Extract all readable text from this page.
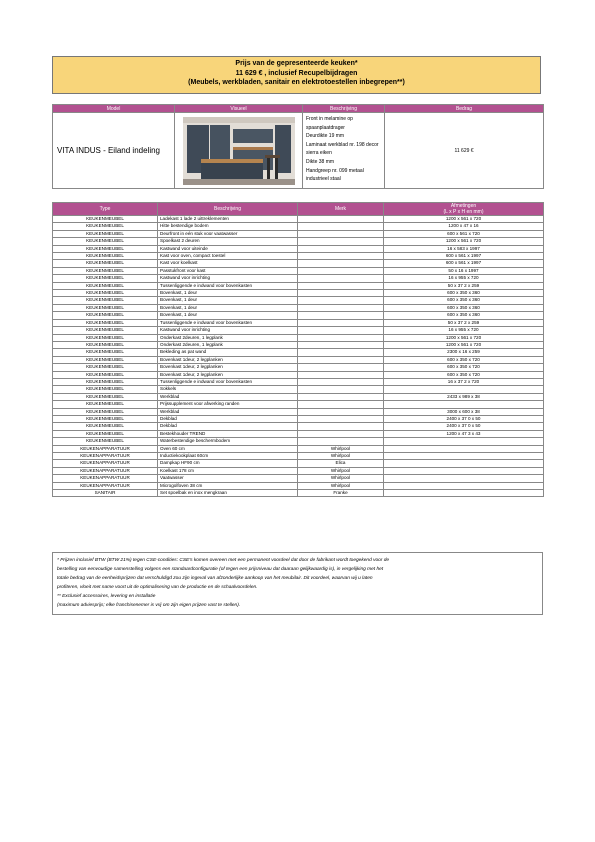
Prijs van de gepresenteerde keuken*
11 629 € , inclusief Recupelbijdragen
(Meubels, werkbladen, sanitair en elektrotoestellen inbegrepen**)
Model	Visueel	Beschrijving	Bedrag
VITA INDUS - Eiland indeling		Front in melamine op spaanplaatdrager
Deurdikte 19 mm
Laminaat werkblad nr. 198 decor sierra eiken
Dikte 38 mm
Handgreep nr. 099 metaal industrieel staal	11 629 €
Type	Beschrijving	Merk	Afmetingen
(L x P x H en mm)

KEUKENMEUBEL	Ladekast 1 lade 2 uittreklementen		1200 x 561 x 720
KEUKENMEUBEL	Hitte bestendige bodem		1200 x 47 x 16
KEUKENMEUBEL	Deurfront in eén stuk voor vaatwasser		600 x 561 x 720
KEUKENMEUBEL	Spoelkast 2 deuren		1200 x 561 x 720
KEUKENMEUBEL	Kastwand voor uiteinde		16 x 583 x 1997
KEUKENMEUBEL	Kast voor oven, compact toestel		600 x 561 x 1997
KEUKENMEUBEL	Kast voor koelkast		600 x 561 x 1997
KEUKENMEUBEL	Passtukfront voor kast		50 x 16 x 1997
KEUKENMEUBEL	Kastwand voor inrichting		16 x 955 x 720
KEUKENMEUBEL	Tussenliggende e indwand voor bovenkasten		50 x 37 2 x 259
KEUKENMEUBEL	Bovenkast, 1 deur		600 x 350 x 360
KEUKENMEUBEL	Bovenkast, 1 deur		600 x 350 x 360
KEUKENMEUBEL	Bovenkast, 1 deur		600 x 350 x 360
KEUKENMEUBEL	Bovenkast, 1 deur		600 x 350 x 360
KEUKENMEUBEL	Tussenliggende e indwand voor bovenkasten		50 x 37 2 x 259
KEUKENMEUBEL	Kastwand voor inrichting		16 x 955 x 720
KEUKENMEUBEL	Onderkast 2deuren, 1 legplank		1200 x 561 x 720
KEUKENMEUBEL	Onderkast 2deuren, 1 legplank		1200 x 561 x 720
KEUKENMEUBEL	Bekleding as pat wand		2300 x 16 x 259
KEUKENMEUBEL	Bovenkast 1deur, 2 legplanken		600 x 350 x 720
KEUKENMEUBEL	Bovenkast 1deur, 2 legplanken		600 x 350 x 720
KEUKENMEUBEL	Bovenkast 1deur, 2 legplanken		600 x 350 x 720
KEUKENMEUBEL	Tussenliggende e indwand voor bovenkasten		16 x 37 2 x 720
KEUKENMEUBEL	Sokkels		
KEUKENMEUBEL	Werkblad		2433 x 989 x 38
KEUKENMEUBEL	Prijssupplement voor afwerking randen		
KEUKENMEUBEL	Werkblad		3000 x 600 x 38
KEUKENMEUBEL	Dekblad		2400 x 37 0 x 50
KEUKENMEUBEL	Dekblad		2400 x 37 0 x 50
KEUKENMEUBEL	Bestekhouder TREND		1200 x 47 3 x 43
KEUKENMEUBEL	Waterbestendige beschermbodem		
KEUKENAPPARATUUR	Oven 60 cm	Whirlpool	
KEUKENAPPARATUUR	Inductiekookplaat 60cm	Whirlpool	
KEUKENAPPARATUUR	Dampkap HF90 cm	Elica	
KEUKENAPPARATUUR	Koelkast 178 cm	Whirlpool	
KEUKENAPPARATUUR	Vaatwasser	Whirlpool	
KEUKENAPPARATUUR	Microgolfoven 38 cm	Whirlpool	
SANITAIR	Set spoelbak en inox mengkraan	Franke	

* Prijzen inclusief BTW (BTW 21%) tegen CSE-condities: CSE's komen overeen met een permanent voordeel dat door de fabrikant wordt toegekend voor de

bestelling van eenvoudige samenstelling volgens een standaardconfiguratie (of tegen een prijsniveau dat daaraan gelijkwaardig is), in vergelijking met het

totale bedrag van de eenheidsprijzen dat verschuldigd zou zijn ingeval van afzonderlijke aankoop van het meubilair. Dit voordeel, waarvan wij u laten

profiteren, vloeit met name voort uit de optimalisering van de productie en de schaalvoordelen.

** Exclusief accessoires, levering en installatie

(maximum adviesprijs; elke franchisenemer is vrij om zijn eigen prijzen vast te stellen).
